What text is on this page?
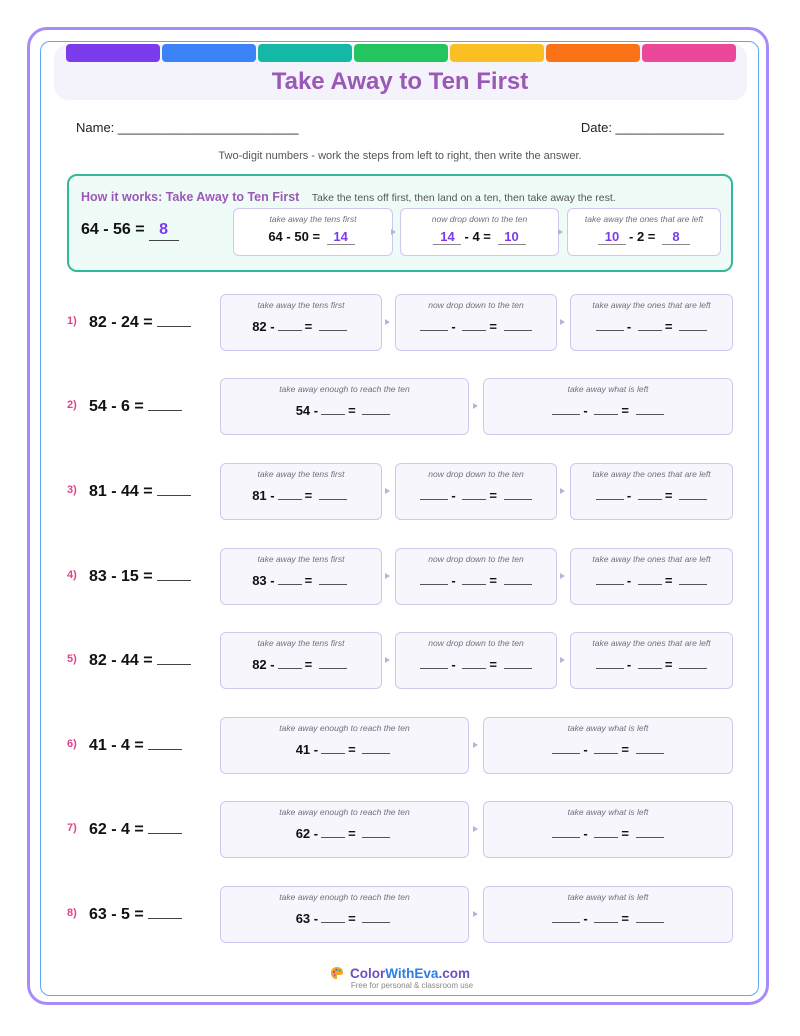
Take Away to Ten First
Name: _________________________	Date: _______________
Two-digit numbers - work the steps from left to right, then write the answer.
How it works: Take Away to Ten First Take the tens off first, then land on a ten, then take away the rest.
64 - 56 = 8
take away the tens first
64 - 50 = 14
now drop down to the ten
14 - 4 = 10
take away the ones that are left
10 - 2 = 8
1) 82 - 24 =
take away the tens first
82 - =
now drop down to the ten
- =
take away the ones that are left
- =
2) 54 - 6 =
take away enough to reach the ten
54 - =
take away what is left
- =
3) 81 - 44 =
take away the tens first
81 - =
now drop down to the ten
- =
take away the ones that are left
- =
4) 83 - 15 =
take away the tens first
83 - =
now drop down to the ten
- =
take away the ones that are left
- =
5) 82 - 44 =
take away the tens first
82 - =
now drop down to the ten
- =
take away the ones that are left
- =
6) 41 - 4 =
take away enough to reach the ten
41 - =
take away what is left
- =
7) 62 - 4 =
take away enough to reach the ten
62 - =
take away what is left
- =
8) 63 - 5 =
take away enough to reach the ten
63 - =
take away what is left
- =
ColorWithEva.com
Free for personal & classroom use
